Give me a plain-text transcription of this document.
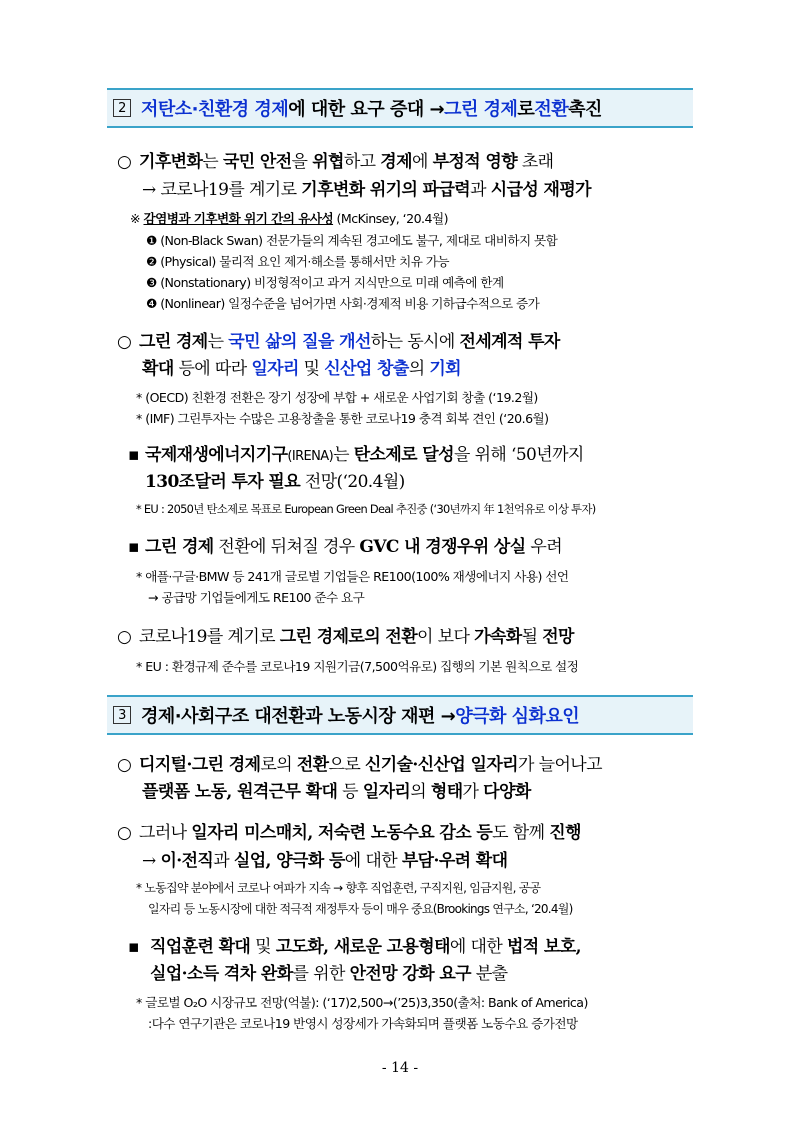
2 저탄소·친환경 경제 에 대한 요구 증대 → 그린 경제 로 전환 촉진
○ 기후변화는 국민 안전을 위협하고 경제에 부정적 영향 초래
→ 코로나19를 계기로 기후변화 위기의 파급력과 시급성 재평가
※ 감염병과 기후변화 위기 간의 유사성 (McKinsey, ‘20.4월)
❶ (Non-Black Swan) 전문가들의 계속된 경고에도 불구, 제대로 대비하지 못함
❷ (Physical) 물리적 요인 제거·해소를 통해서만 치유 가능
❸ (Nonstationary) 비정형적이고 과거 지식만으로 미래 예측에 한계
❹ (Nonlinear) 일정수준을 넘어가면 사회·경제적 비용 기하급수적으로 증가
○ 그린 경제는 국민 삶의 질을 개선하는 동시에 전세계적 투자
확대 등에 따라 일자리 및 신산업 창출의 기회
* (OECD) 친환경 전환은 장기 성장에 부합 + 새로운 사업기회 창출 (‘19.2월)
* (IMF) 그린투자는 수많은 고용창출을 통한 코로나19 충격 회복 견인 (‘20.6월)
▪ 국제재생에너지기구(IRENA)는 탄소제로 달성을 위해 ‘50년까지
130조달러 투자 필요 전망(‘20.4월)
* EU : 2050년 탄소제로 목표로 European Green Deal 추진중 (‘30년까지 年 1천억유로 이상 투자)
▪ 그린 경제 전환에 뒤쳐질 경우 GVC 내 경쟁우위 상실 우려
* 애플·구글·BMW 등 241개 글로벌 기업들은 RE100(100% 재생에너지 사용) 선언
→ 공급망 기업들에게도 RE100 준수 요구
○ 코로나19를 계기로 그린 경제로의 전환이 보다 가속화될 전망
* EU : 환경규제 준수를 코로나19 지원기금(7,500억유로) 집행의 기본 원칙으로 설정
3 경제·사회구조 대전환과 노동시장 재편 → 양극화 심화요인
○ 디지털·그린 경제로의 전환으로 신기술·신산업 일자리가 늘어나고
플랫폼 노동, 원격근무 확대 등 일자리의 형태가 다양화
○ 그러나 일자리 미스매치, 저숙련 노동수요 감소 등도 함께 진행
→ 이·전직과 실업, 양극화 등에 대한 부담·우려 확대
* 노동집약 분야에서 코로나 여파가 지속 → 향후 직업훈련, 구직지원, 임금지원, 공공
일자리 등 노동시장에 대한 적극적 재정투자 등이 매우 중요(Brookings 연구소, ‘20.4월)
▪ 직업훈련 확대 및 고도화, 새로운 고용형태에 대한 법적 보호,
실업·소득 격차 완화를 위한 안전망 강화 요구 분출
* 글로벌 O₂O 시장규모 전망(억불): (‘17)2,500→(’25)3,350(출처: Bank of America)
:다수 연구기관은 코로나19 반영시 성장세가 가속화되며 플랫폼 노동수요 증가전망
- 14 -
